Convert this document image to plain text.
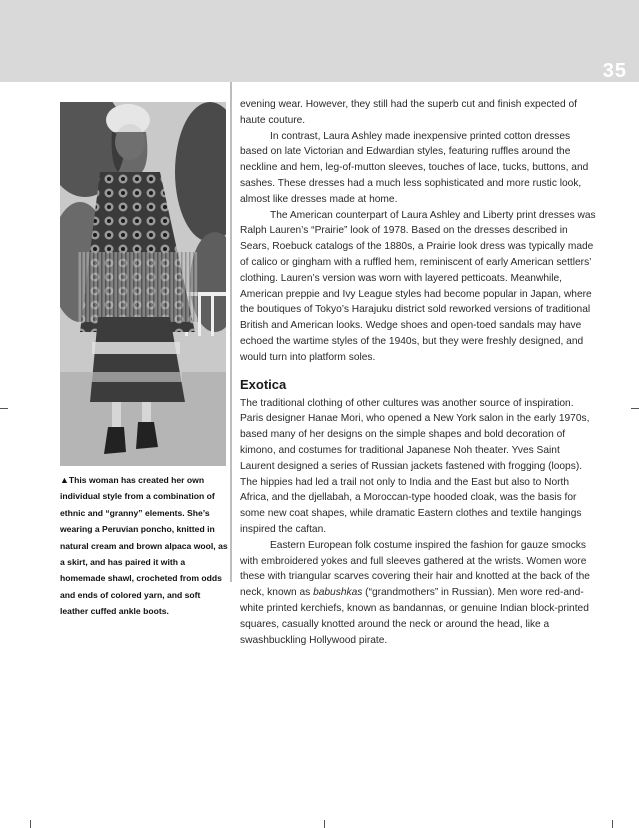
35
▲This woman has created her own individual style from a combination of ethnic and “granny” elements. She’s wearing a Peruvian poncho, knitted in natural cream and brown alpaca wool, as a skirt, and has paired it with a homemade shawl, crocheted from odds and ends of colored yarn, and soft leather cuffed ankle boots.

evening wear. However, they still had the superb cut and finish expected of haute couture.

In contrast, Laura Ashley made inexpensive printed cotton dresses based on late Victorian and Edwardian styles, featuring ruffles around the neckline and hem, leg-of-mutton sleeves, touches of lace, tucks, buttons, and sashes. These dresses had a much less sophisticated and more rustic look, almost like dresses made at home.

The American counterpart of Laura Ashley and Liberty print dresses was Ralph Lauren’s “Prairie” look of 1978. Based on the dresses described in Sears, Roebuck catalogs of the 1880s, a Prairie look dress was typically made of calico or gingham with a ruffled hem, reminiscent of early American settlers’ clothing. Lauren’s version was worn with layered petticoats. Meanwhile, American preppie and Ivy League styles had become popular in Japan, where the boutiques of Tokyo’s Harajuku district sold reworked versions of traditional British and American looks. Wedge shoes and open-toed sandals may have echoed the wartime styles of the 1940s, but they were freshly designed, and would turn into platform soles.

Exotica

The traditional clothing of other cultures was another source of inspiration. Paris designer Hanae Mori, who opened a New York salon in the early 1970s, based many of her designs on the simple shapes and bold decoration of kimono, and costumes for traditional Japanese Noh theater. Yves Saint Laurent designed a series of Russian jackets fastened with frogging (loops). The hippies had led a trail not only to India and the East but also to North Africa, and the djellabah, a Moroccan-type hooded cloak, was the basis for some new coat shapes, while dramatic Eastern clothes and textile hangings inspired the caftan.

Eastern European folk costume inspired the fashion for gauze smocks with embroidered yokes and full sleeves gathered at the wrists. Women wore these with triangular scarves covering their hair and knotted at the back of the neck, known as babushkas (“grandmothers” in Russian). Men wore red-and-white printed kerchiefs, known as bandannas, or genuine Indian block-printed squares, casually knotted around the neck or around the head, like a swashbuckling Hollywood pirate.
